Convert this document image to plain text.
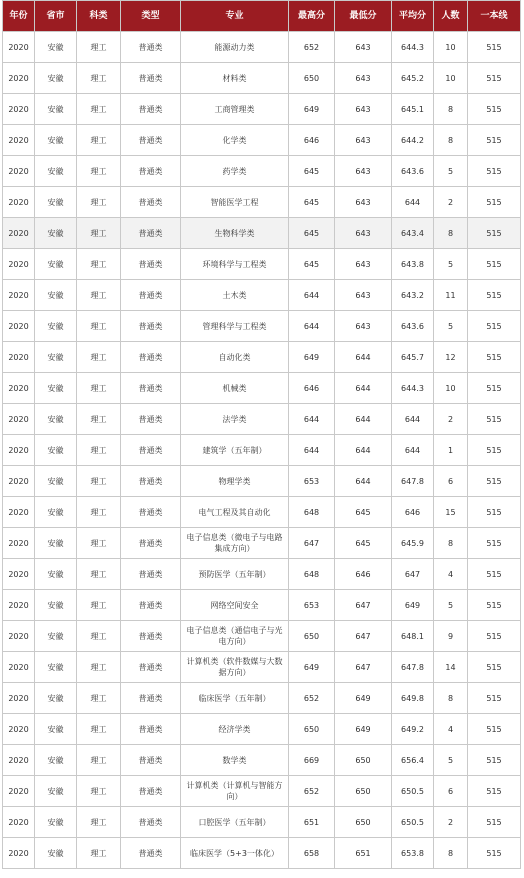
年份	省市	科类	类型	专业	最高分	最低分	平均分	人数	一本线
2020	安徽	理工	普通类	能源动力类	652	643	644.3	10	515
2020	安徽	理工	普通类	材料类	650	643	645.2	10	515
2020	安徽	理工	普通类	工商管理类	649	643	645.1	8	515
2020	安徽	理工	普通类	化学类	646	643	644.2	8	515
2020	安徽	理工	普通类	药学类	645	643	643.6	5	515
2020	安徽	理工	普通类	智能医学工程	645	643	644	2	515
2020	安徽	理工	普通类	生物科学类	645	643	643.4	8	515
2020	安徽	理工	普通类	环境科学与工程类	645	643	643.8	5	515
2020	安徽	理工	普通类	土木类	644	643	643.2	11	515
2020	安徽	理工	普通类	管理科学与工程类	644	643	643.6	5	515
2020	安徽	理工	普通类	自动化类	649	644	645.7	12	515
2020	安徽	理工	普通类	机械类	646	644	644.3	10	515
2020	安徽	理工	普通类	法学类	644	644	644	2	515
2020	安徽	理工	普通类	建筑学（五年制）	644	644	644	1	515
2020	安徽	理工	普通类	物理学类	653	644	647.8	6	515
2020	安徽	理工	普通类	电气工程及其自动化	648	645	646	15	515
2020	安徽	理工	普通类	电子信息类（微电子与电路集成方向）	647	645	645.9	8	515
2020	安徽	理工	普通类	预防医学（五年制）	648	646	647	4	515
2020	安徽	理工	普通类	网络空间安全	653	647	649	5	515
2020	安徽	理工	普通类	电子信息类（通信电子与光电方向）	650	647	648.1	9	515
2020	安徽	理工	普通类	计算机类（软件数媒与大数据方向）	649	647	647.8	14	515
2020	安徽	理工	普通类	临床医学（五年制）	652	649	649.8	8	515
2020	安徽	理工	普通类	经济学类	650	649	649.2	4	515
2020	安徽	理工	普通类	数学类	669	650	656.4	5	515
2020	安徽	理工	普通类	计算机类（计算机与智能方向）	652	650	650.5	6	515
2020	安徽	理工	普通类	口腔医学（五年制）	651	650	650.5	2	515
2020	安徽	理工	普通类	临床医学（5+3一体化）	658	651	653.8	8	515
